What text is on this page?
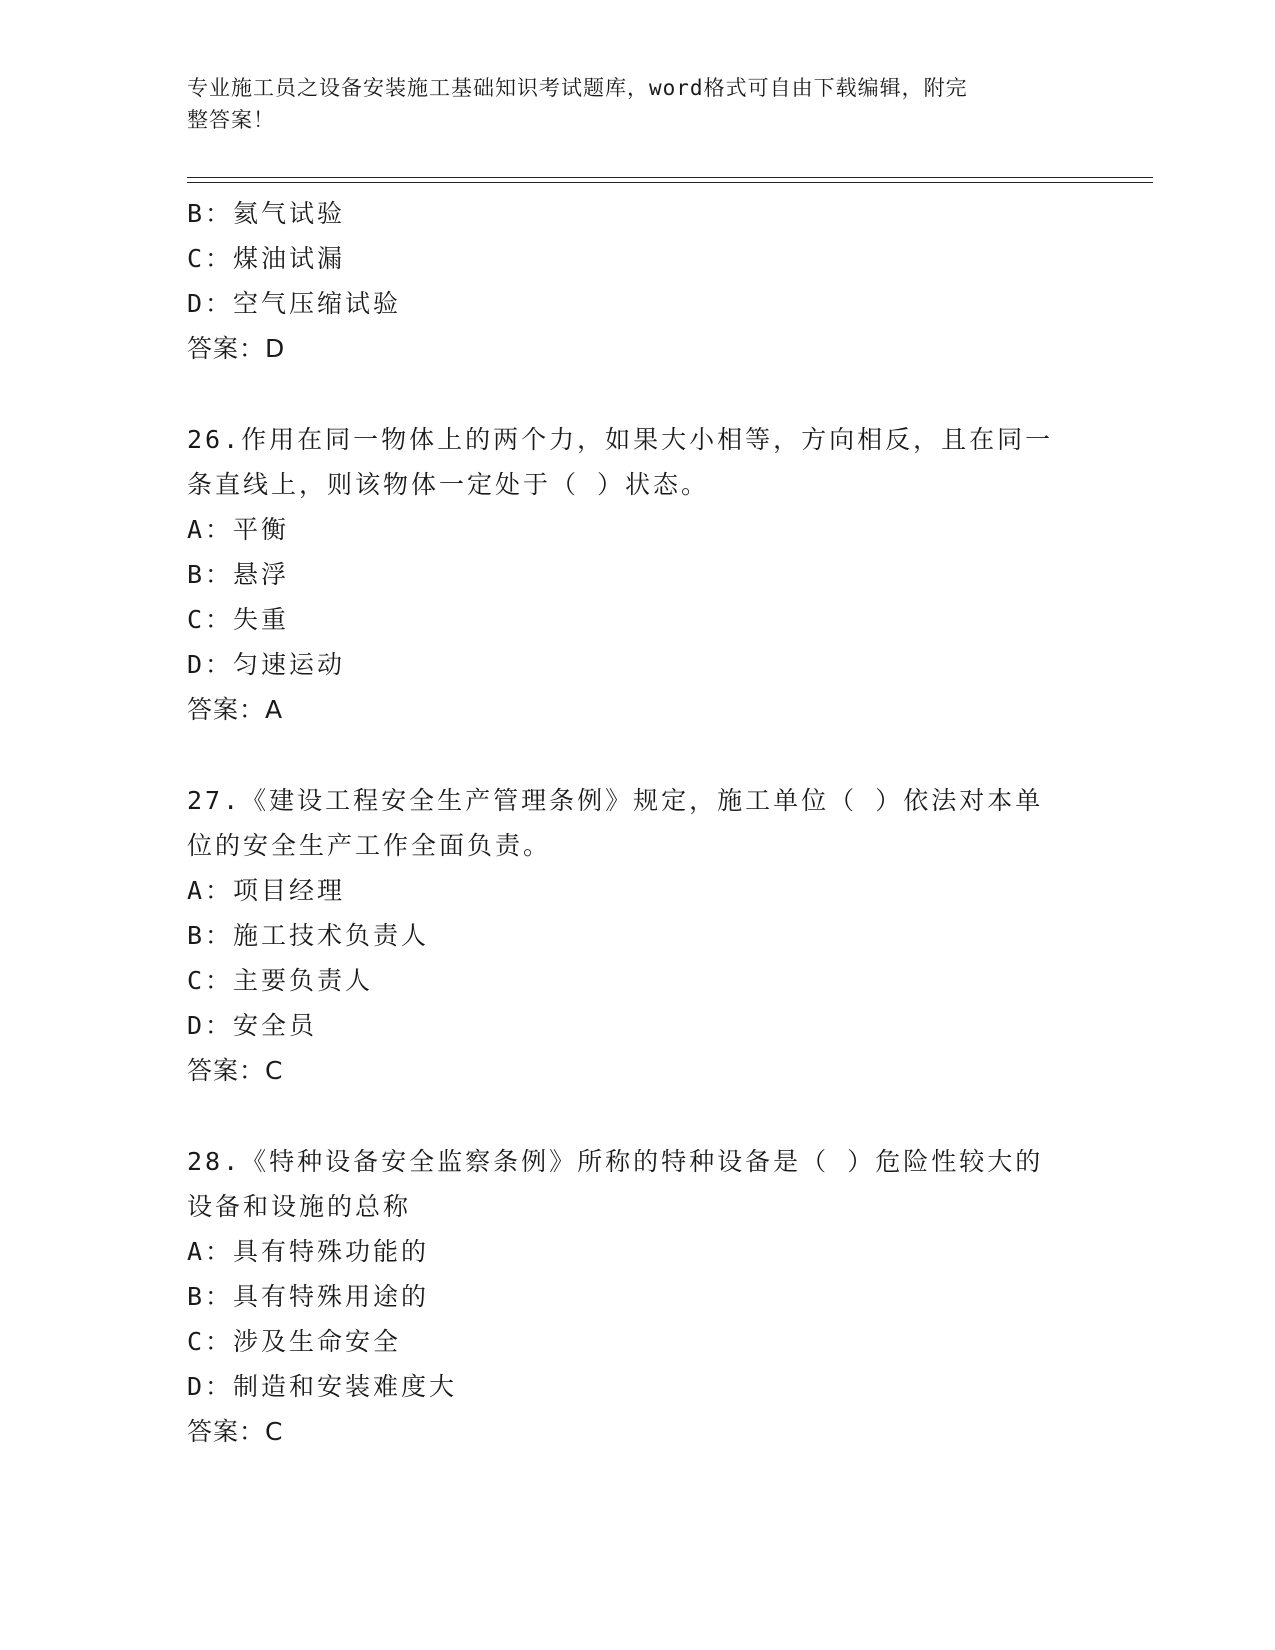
专业施工员之设备安装施工基础知识考试题库，word格式可自由下载编辑，附完
整答案！
B：氦气试验
C：煤油试漏
D：空气压缩试验
答案：D
26.作用在同一物体上的两个力，如果大小相等，方向相反，且在同一
条直线上，则该物体一定处于（ ）状态。
A：平衡
B：悬浮
C：失重
D：匀速运动
答案：A
27.《建设工程安全生产管理条例》规定，施工单位（ ）依法对本单
位的安全生产工作全面负责。
A：项目经理
B：施工技术负责人
C：主要负责人
D：安全员
答案：C
28.《特种设备安全监察条例》所称的特种设备是（ ）危险性较大的
设备和设施的总称
A：具有特殊功能的
B：具有特殊用途的
C：涉及生命安全
D：制造和安装难度大
答案：C
